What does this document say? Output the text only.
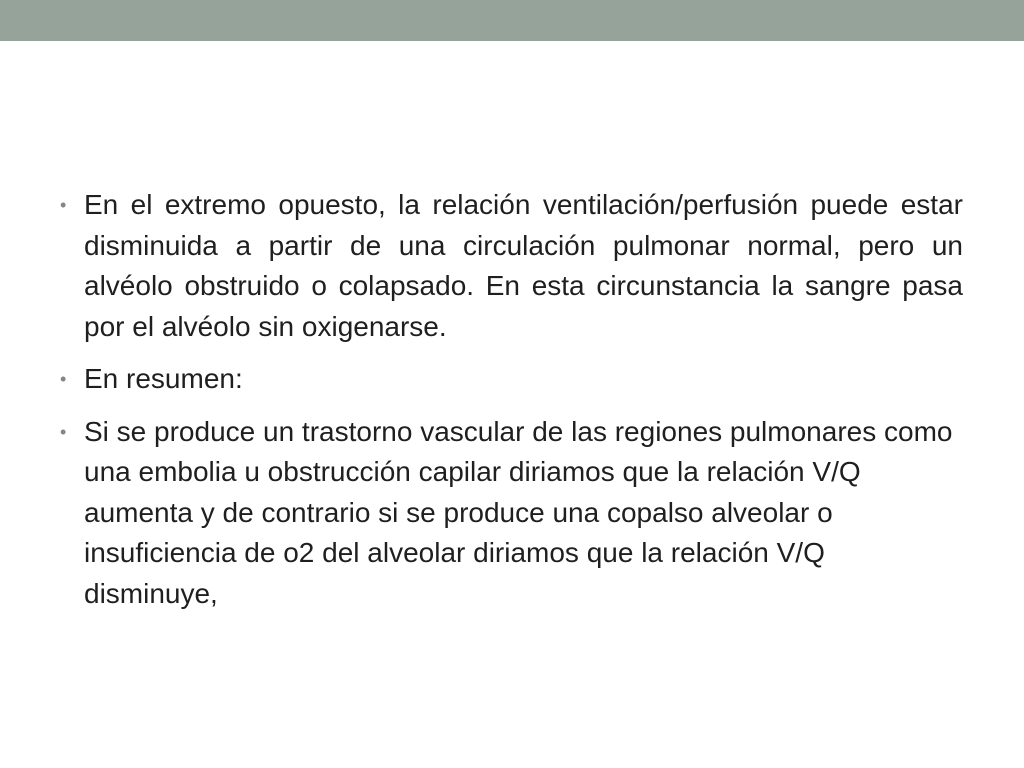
• En el extremo opuesto, la relación ventilación/perfusión puede estar disminuida a partir de una circulación pulmonar normal, pero un alvéolo obstruido o colapsado. En esta circunstancia la sangre pasa por el alvéolo sin oxigenarse.
• En resumen:
• Si se produce un trastorno vascular de las regiones pulmonares como una embolia u obstrucción capilar diriamos que la relación V/Q aumenta y de contrario si se produce una copalso alveolar o insuficiencia de o2 del alveolar diriamos que la relación V/Q disminuye,
